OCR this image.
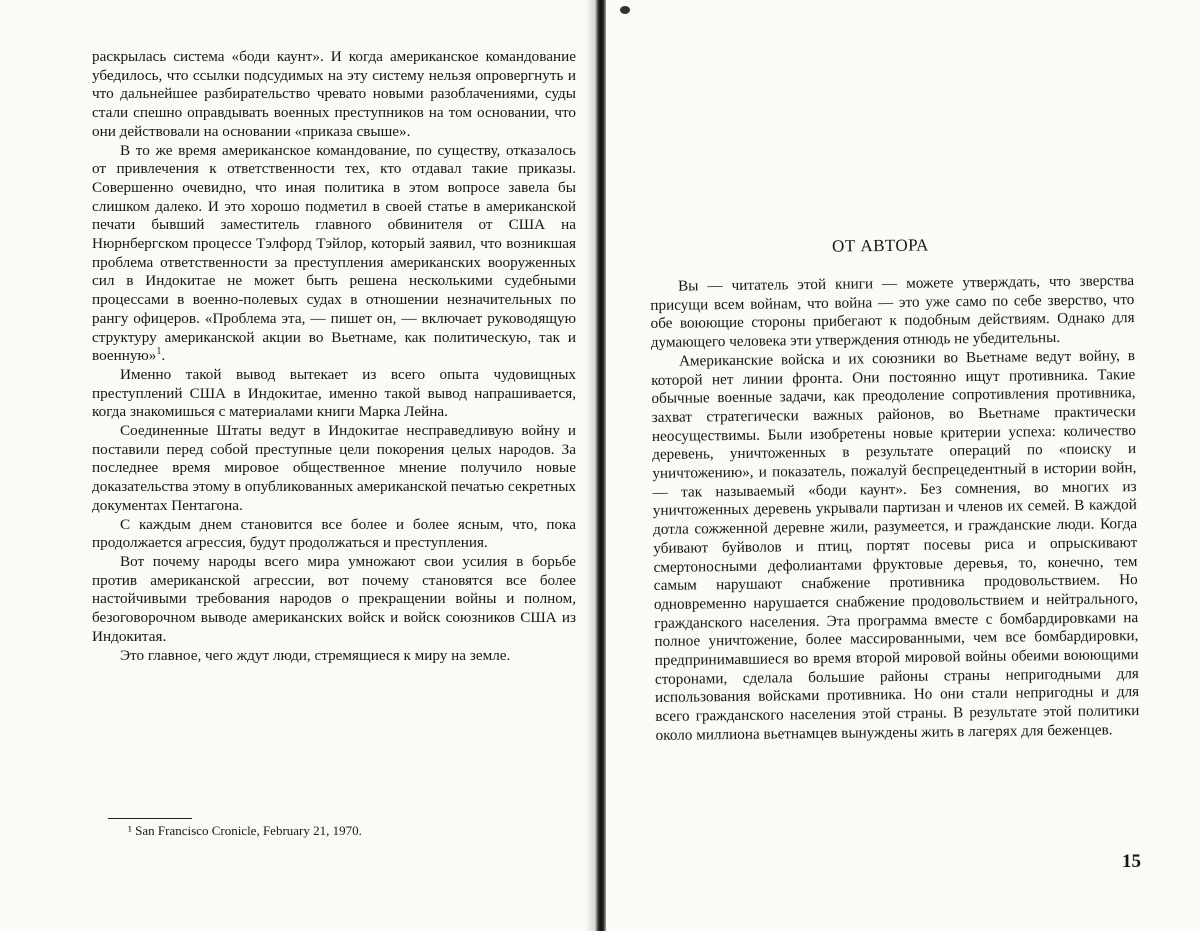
раскрылась система «боди каунт». И когда американское командование убедилось, что ссылки подсудимых на эту систему нельзя опровергнуть и что дальнейшее разбирательство чревато новыми разоблачениями, суды стали спешно оправдывать военных преступников на том основании, что они действовали на основании «приказа свыше».

В то же время американское командование, по существу, отказалось от привлечения к ответственности тех, кто отдавал такие приказы. Совершенно очевидно, что иная политика в этом вопросе завела бы слишком далеко. И это хорошо подметил в своей статье в американской печати бывший заместитель главного обвинителя от США на Нюрнбергском процессе Тэлфорд Тэйлор, который заявил, что возникшая проблема ответственности за преступления американских вооруженных сил в Индокитае не может быть решена несколькими судебными процессами в военно-полевых судах в отношении незначительных по рангу офицеров. «Проблема эта, — пишет он, — включает руководящую структуру американской акции во Вьетнаме, как политическую, так и военную»$^1$.

Именно такой вывод вытекает из всего опыта чудовищных преступлений США в Индокитае, именно такой вывод напрашивается, когда знакомишься с материалами книги Марка Лейна.

Соединенные Штаты ведут в Индокитае несправедливую войну и поставили перед собой преступные цели покорения целых народов. За последнее время мировое общественное мнение получило новые доказательства этому в опубликованных американской печатью секретных документах Пентагона.

С каждым днем становится все более и более ясным, что, пока продолжается агрессия, будут продолжаться и преступления.

Вот почему народы всего мира умножают свои усилия в борьбе против американской агрессии, вот почему становятся все более настойчивыми требования народов о прекращении войны и полном, безоговорочном выводе американских войск и войск союзников США из Индокитая.

Это главное, чего ждут люди, стремящиеся к миру на земле.

¹ San Francisco Cronicle, February 21, 1970.
ОТ АВТОРА

Вы — читатель этой книги — можете утверждать, что зверства присущи всем войнам, что война — это уже само по себе зверство, что обе воюющие стороны прибегают к подобным действиям. Однако для думающего человека эти утверждения отнюдь не убедительны.

Американские войска и их союзники во Вьетнаме ведут войну, в которой нет линии фронта. Они постоянно ищут противника. Такие обычные военные задачи, как преодоление сопротивления противника, захват стратегически важных районов, во Вьетнаме практически неосуществимы. Были изобретены новые критерии успеха: количество деревень, уничтоженных в результате операций по «поиску и уничтожению», и показатель, пожалуй беспрецедентный в истории войн, — так называемый «боди каунт». Без сомнения, во многих из уничтоженных деревень укрывали партизан и членов их семей. В каждой дотла сожженной деревне жили, разумеется, и гражданские люди. Когда убивают буйволов и птиц, портят посевы риса и опрыскивают смертоносными дефолиантами фруктовые деревья, то, конечно, тем самым нарушают снабжение противника продовольствием. Но одновременно нарушается снабжение продовольствием и нейтрального, гражданского населения. Эта программа вместе с бомбардировками на полное уничтожение, более массированными, чем все бомбардировки, предпринимавшиеся во время второй мировой войны обеими воюющими сторонами, сделала большие районы страны непригодными для использования войсками противника. Но они стали непригодны и для всего гражданского населения этой страны. В результате этой политики около миллиона вьетнамцев вынуждены жить в лагерях для беженцев.

15
